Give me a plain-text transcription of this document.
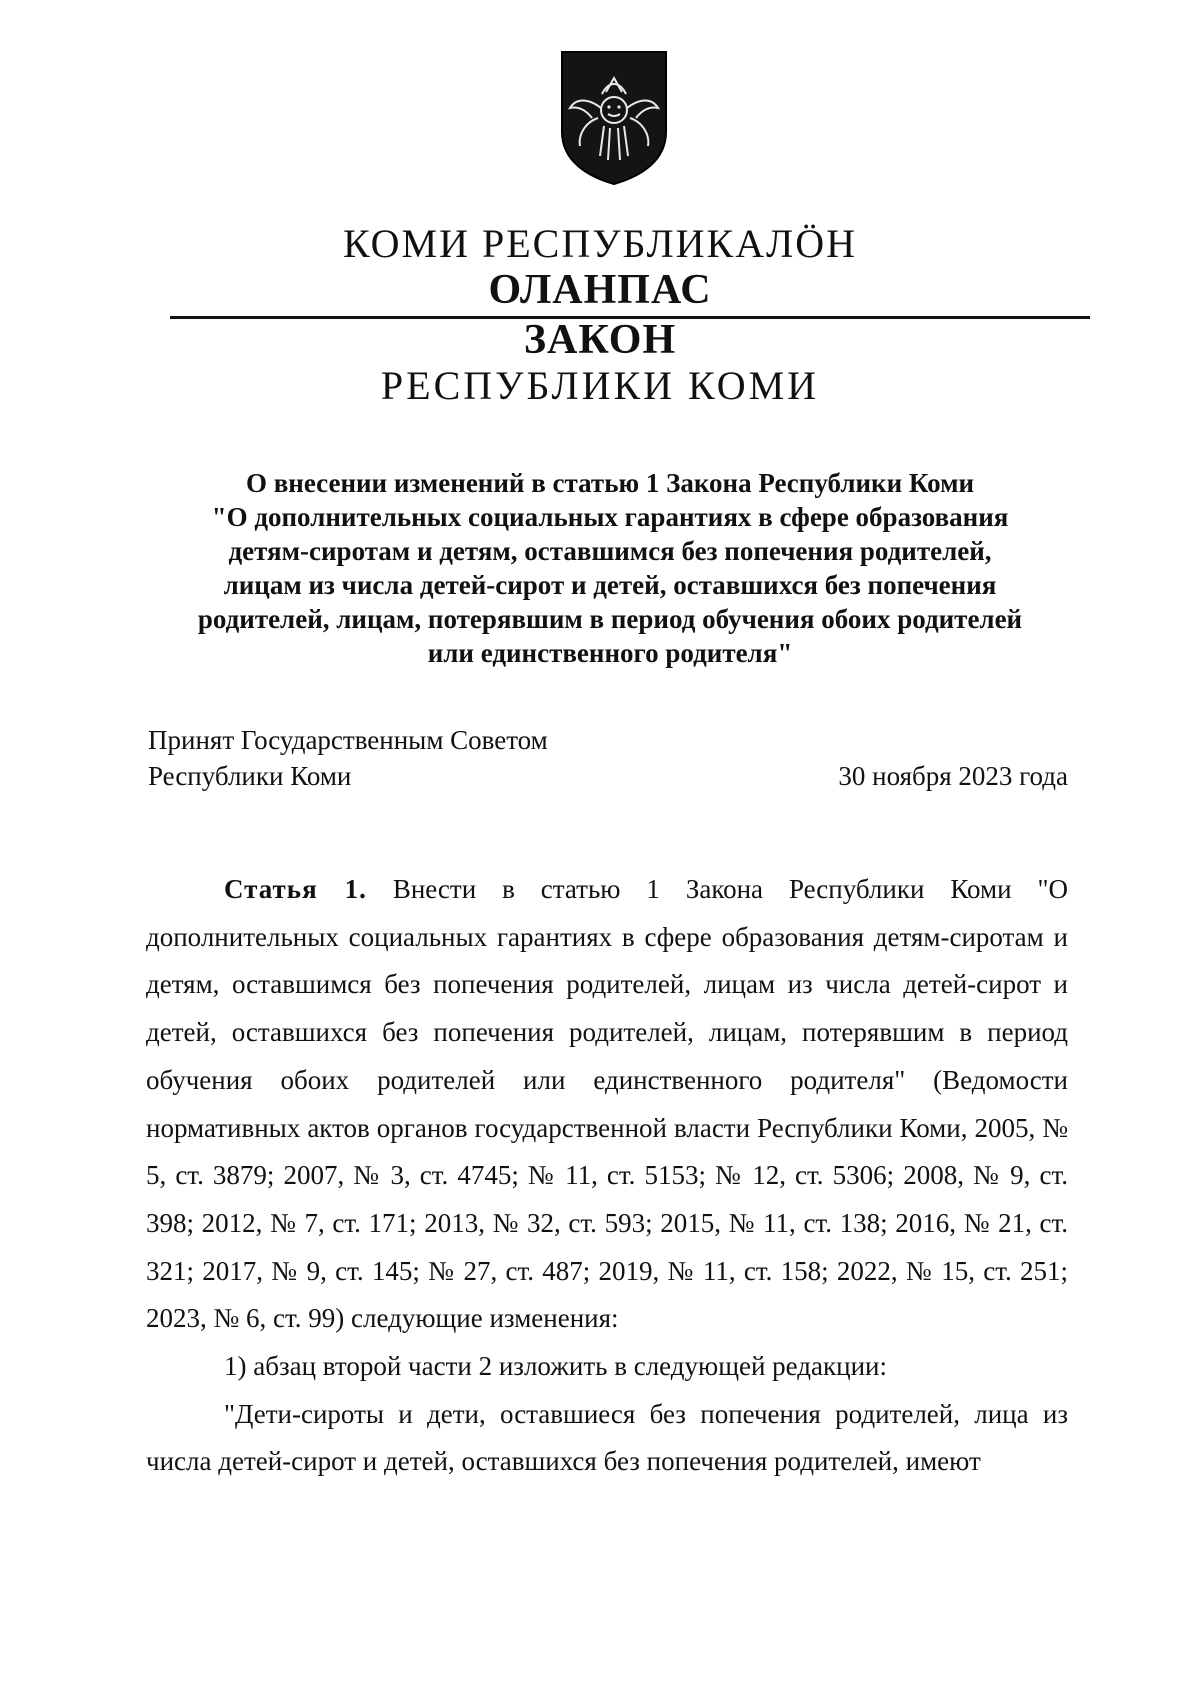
КОМИ РЕСПУБЛИКАЛÖН
ОЛАНПАС
ЗАКОН
РЕСПУБЛИКИ КОМИ
О внесении изменений в статью 1 Закона Республики Коми
"О дополнительных социальных гарантиях в сфере образования
детям-сиротам и детям, оставшимся без попечения родителей,
лицам из числа детей-сирот и детей, оставшихся без попечения
родителей, лицам, потерявшим в период обучения обоих родителей
или единственного родителя"
Принят Государственным Советом
Республики Коми	30 ноября 2023 года

Статья 1. Внести в статью 1 Закона Республики Коми "О дополнительных социальных гарантиях в сфере образования детям-сиротам и детям, оставшимся без попечения родителей, лицам из числа детей-сирот и детей, оставшихся без попечения родителей, лицам, потерявшим в период обучения обоих родителей или единственного родителя" (Ведомости нормативных актов органов государственной власти Республики Коми, 2005, № 5, ст. 3879; 2007, № 3, ст. 4745; № 11, ст. 5153; № 12, ст. 5306; 2008, № 9, ст. 398; 2012, № 7, ст. 171; 2013, № 32, ст. 593; 2015, № 11, ст. 138; 2016, № 21, ст. 321; 2017, № 9, ст. 145; № 27, ст. 487; 2019, № 11, ст. 158; 2022, № 15, ст. 251; 2023, № 6, ст. 99) следующие изменения:

1) абзац второй части 2 изложить в следующей редакции:

"Дети-сироты и дети, оставшиеся без попечения родителей, лица из числа детей-сирот и детей, оставшихся без попечения родителей, имеют
